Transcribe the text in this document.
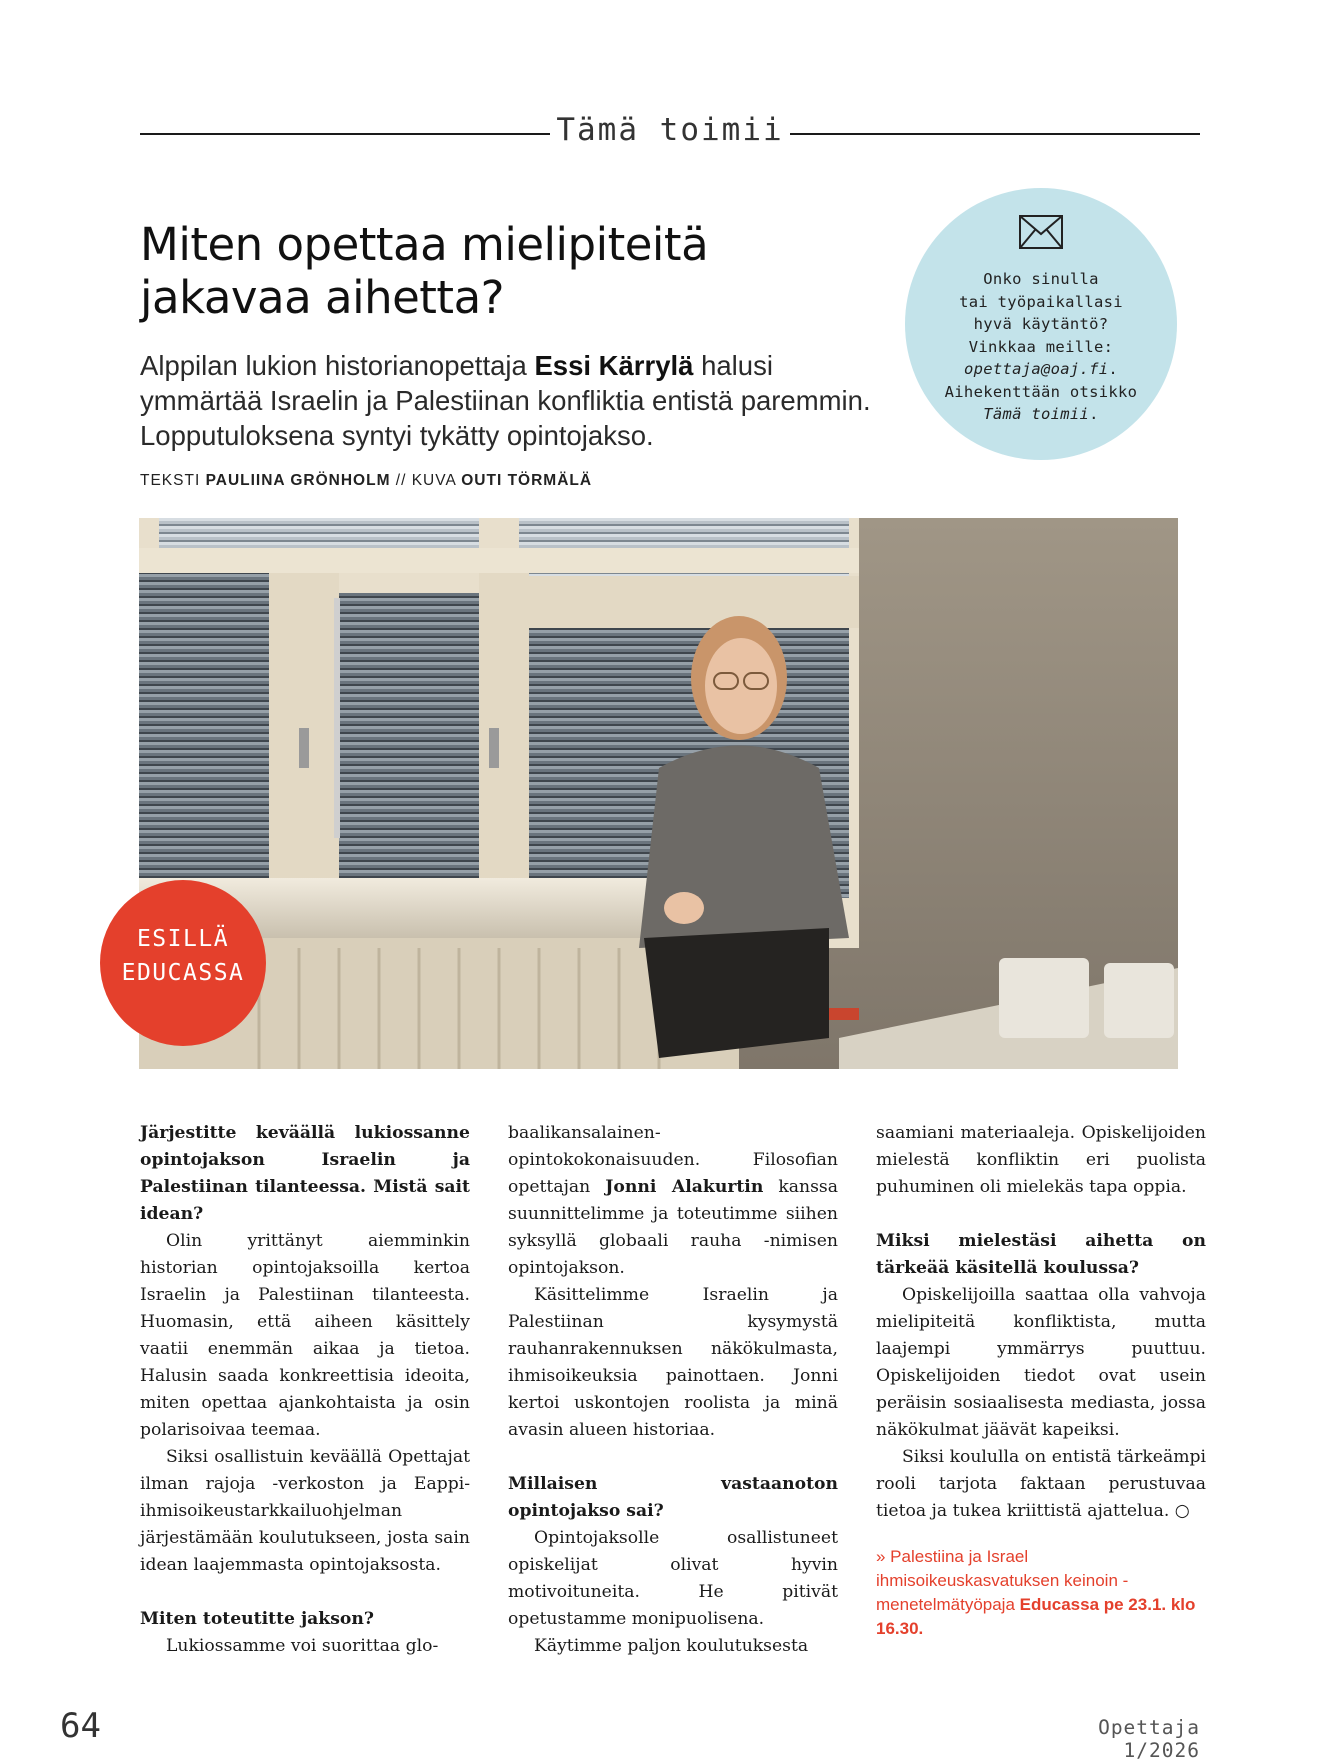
Tämä toimii
Miten opettaa mielipiteitä
jakavaa aihetta?
Alppilan lukion historianopettaja Essi Kärrylä halusi ymmärtää Israelin ja Palestiinan konfliktia entistä paremmin. Lopputuloksena syntyi tykätty opintojakso.
TEKSTI PAULIINA GRÖNHOLM // KUVA OUTI TÖRMÄLÄ
Onko sinulla
tai työpaikallasi
hyvä käytäntö?
Vinkkaa meille:
opettaja@oaj.fi.
Aihekenttään otsikko
Tämä toimii.
ESILLÄ
EDUCASSA

Järjestitte keväällä lukiossanne opintojakson Israelin ja Palestiinan tilanteessa. Mistä sait idean?

Olin yrittänyt aiemminkin historian opintojaksoilla kertoa Israelin ja Palestiinan tilanteesta. Huomasin, että aiheen käsittely vaatii enemmän aikaa ja tietoa. Halusin saada konkreettisia ideoita, miten opettaa ajankohtaista ja osin polarisoivaa teemaa.

Siksi osallistuin keväällä Opettajat ilman rajoja -verkoston ja Eappi-ihmisoikeustarkkailuohjelman järjestämään koulutukseen, josta sain idean laajemmasta opintojaksosta.

Miten toteutitte jakson?

Lukiossamme voi suorittaa glo-

baalikansalainen-opintokokonaisuuden. Filosofian opettajan Jonni Alakurtin kanssa suunnittelimme ja toteutimme siihen syksyllä globaali rauha -nimisen opintojakson.

Käsittelimme Israelin ja Palestiinan kysymystä rauhanrakennuksen näkökulmasta, ihmisoikeuksia painottaen. Jonni kertoi uskontojen roolista ja minä avasin alueen historiaa.

Millaisen vastaanoton opintojakso sai?

Opintojaksolle osallistuneet opiskelijat olivat hyvin motivoituneita. He pitivät opetustamme monipuolisena.

Käytimme paljon koulutuksesta

saamiani materiaaleja. Opiskelijoiden mielestä konfliktin eri puolista puhuminen oli mielekäs tapa oppia.

Miksi mielestäsi aihetta on tärkeää käsitellä koulussa?

Opiskelijoilla saattaa olla vahvoja mielipiteitä konfliktista, mutta laajempi ymmärrys puuttuu. Opiskelijoiden tiedot ovat usein peräisin sosiaalisesta mediasta, jossa näkökulmat jäävät kapeiksi.

Siksi koululla on entistä tärkeämpi rooli tarjota faktaan perustuvaa tietoa ja tukea kriittistä ajattelua. ○

» Palestiina ja Israel ihmisoikeuskasvatuksen keinoin -menetelmätyöpaja Educassa pe 23.1. klo 16.30.
64	Opettaja 1/2026
